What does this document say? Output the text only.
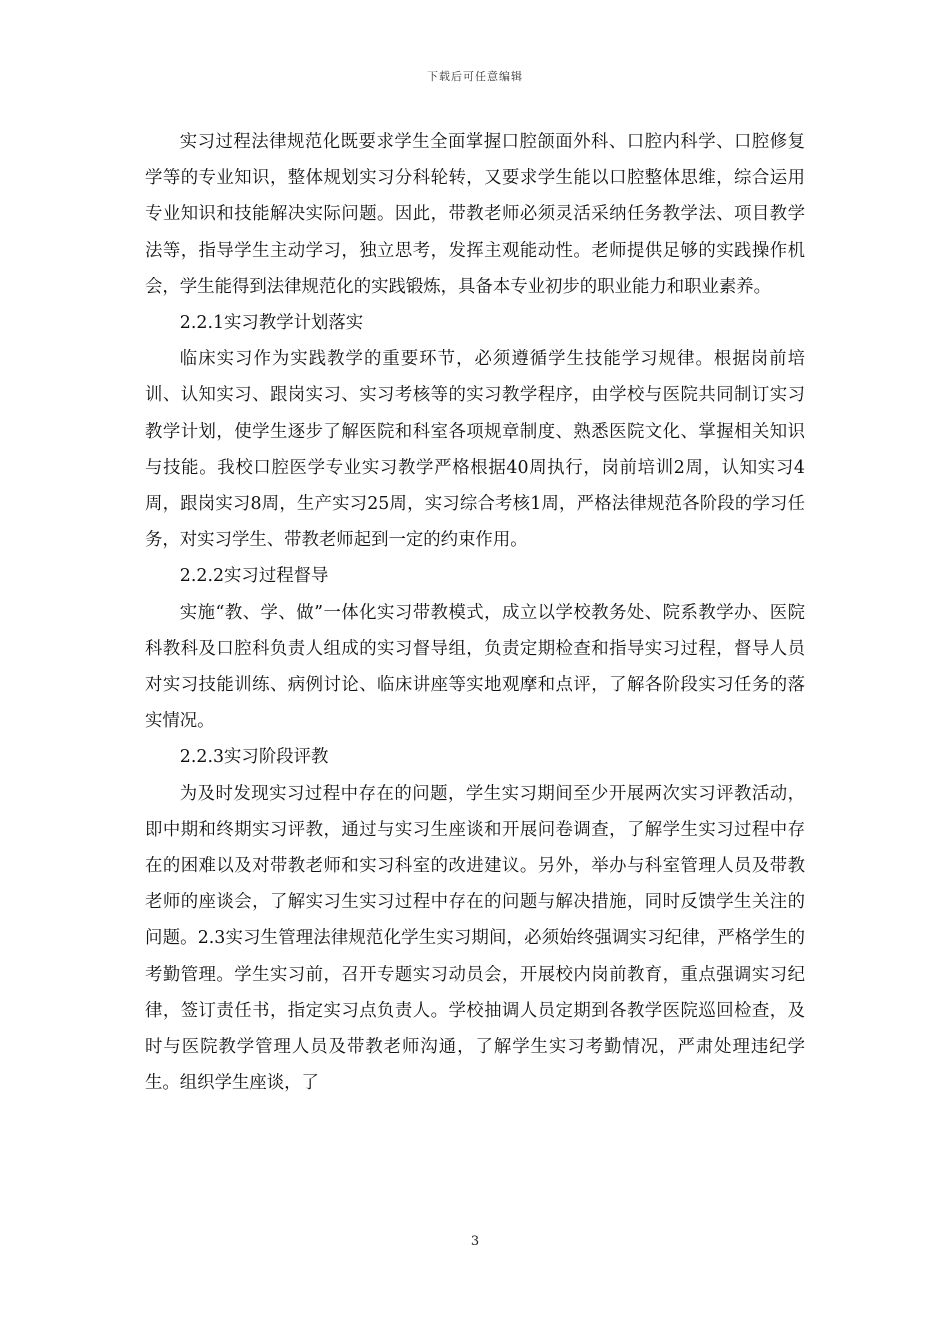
下载后可任意编辑

实习过程法律规范化既要求学生全面掌握口腔颌面外科、口腔内科学、口腔修复学等的专业知识，整体规划实习分科轮转，又要求学生能以口腔整体思维，综合运用专业知识和技能解决实际问题。因此，带教老师必须灵活采纳任务教学法、项目教学法等，指导学生主动学习，独立思考，发挥主观能动性。老师提供足够的实践操作机会，学生能得到法律规范化的实践锻炼，具备本专业初步的职业能力和职业素养。

2.2.1实习教学计划落实

临床实习作为实践教学的重要环节，必须遵循学生技能学习规律。根据岗前培训、认知实习、跟岗实习、实习考核等的实习教学程序，由学校与医院共同制订实习教学计划，使学生逐步了解医院和科室各项规章制度、熟悉医院文化、掌握相关知识与技能。我校口腔医学专业实习教学严格根据40周执行，岗前培训2周，认知实习4周，跟岗实习8周，生产实习25周，实习综合考核1周，严格法律规范各阶段的学习任务，对实习学生、带教老师起到一定的约束作用。

2.2.2实习过程督导

实施“教、学、做”一体化实习带教模式，成立以学校教务处、院系教学办、医院科教科及口腔科负责人组成的实习督导组，负责定期检查和指导实习过程，督导人员对实习技能训练、病例讨论、临床讲座等实地观摩和点评，了解各阶段实习任务的落实情况。

2.2.3实习阶段评教

为及时发现实习过程中存在的问题，学生实习期间至少开展两次实习评教活动，即中期和终期实习评教，通过与实习生座谈和开展问卷调查，了解学生实习过程中存在的困难以及对带教老师和实习科室的改进建议。另外，举办与科室管理人员及带教老师的座谈会，了解实习生实习过程中存在的问题与解决措施，同时反馈学生关注的问题。2.3实习生管理法律规范化学生实习期间，必须始终强调实习纪律，严格学生的考勤管理。学生实习前，召开专题实习动员会，开展校内岗前教育，重点强调实习纪律，签订责任书，指定实习点负责人。学校抽调人员定期到各教学医院巡回检查，及时与医院教学管理人员及带教老师沟通，了解学生实习考勤情况，严肃处理违纪学生。组织学生座谈，了

3
